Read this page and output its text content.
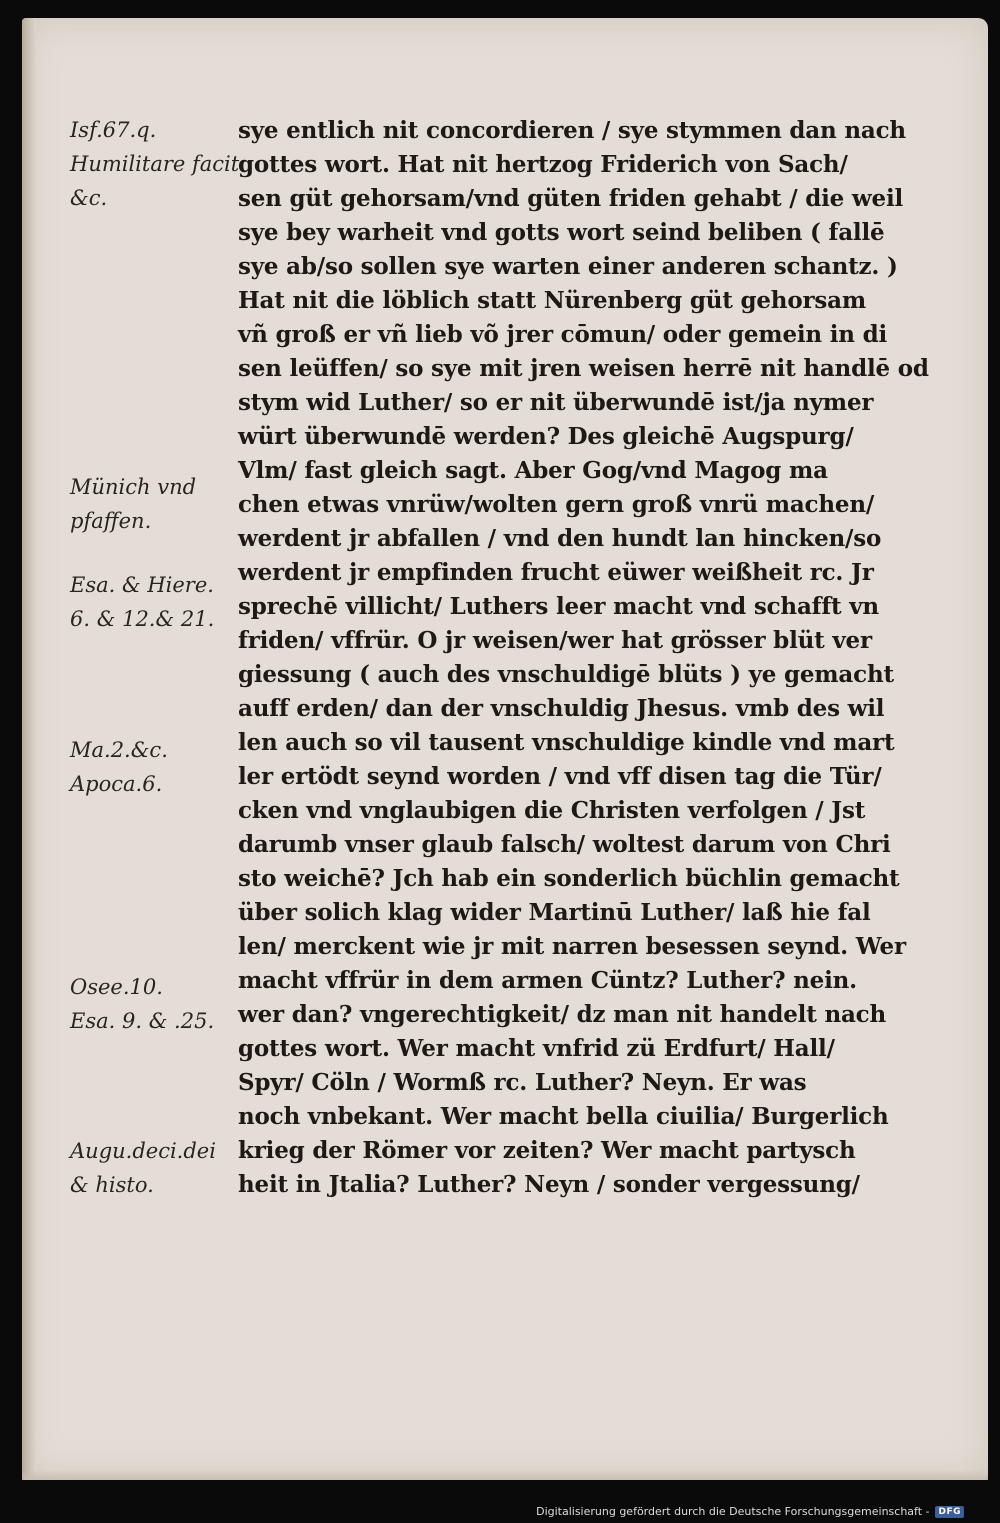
Isf.67.q.
Humilitare facit
&c.
Münich vnd
pfaffen.
Esa. & Hiere.
6. & 12.& 21.
Ma.2.&c.
Apoca.6.
Osee.10.
Esa. 9. & .25.
Augu.deci.dei
& histo.
sye entlich nit concordieren / sye stymmen dan nach
gottes wort. Hat nit hertzog Friderich von Sach/
sen güt gehorsam/vnd güten friden gehabt / die weil
sye bey warheit vnd gotts wort seind beliben ( fallē
sye ab/so sollen sye warten einer anderen schantz. )
Hat nit die löblich statt Nürenberg güt gehorsam
vñ groß er vñ lieb võ jrer cōmun/ oder gemein in di
sen leüffen/ so sye mit jren weisen herrē nit handlē od
stym wid Luther/ so er nit überwundē ist/ja nymer
würt überwundē werden? Des gleichē Augspurg/
Vlm/ fast gleich sagt. Aber Gog/vnd Magog ma
chen etwas vnrüw/wolten gern groß vnrü machen/
werdent jr abfallen / vnd den hundt lan hincken/so
werdent jr empfinden frucht eüwer weißheit rc. Jr
sprechē villicht/ Luthers leer macht vnd schafft vn
friden/ vffrür. O jr weisen/wer hat grösser blüt ver
giessung ( auch des vnschuldigē blüts ) ye gemacht
auff erden/ dan der vnschuldig Jhesus. vmb des wil
len auch so vil tausent vnschuldige kindle vnd mart
ler ertödt seynd worden / vnd vff disen tag die Tür/
cken vnd vnglaubigen die Christen verfolgen / Jst
darumb vnser glaub falsch/ woltest darum von Chri
sto weichē? Jch hab ein sonderlich büchlin gemacht
über solich klag wider Martinū Luther/ laß hie fal
len/ merckent wie jr mit narren besessen seynd. Wer
macht vffrür in dem armen Cüntz? Luther? nein.
wer dan? vngerechtigkeit/ dz man nit handelt nach
gottes wort. Wer macht vnfrid zü Erdfurt/ Hall/
Spyr/ Cöln / Wormß rc. Luther? Neyn. Er was
noch vnbekant. Wer macht bella ciuilia/ Burgerlich
krieg der Römer vor zeiten? Wer macht partysch
heit in Jtalia? Luther? Neyn / sonder vergessung/
Digitalisierung gefördert durch die Deutsche Forschungsgemeinschaft -	DFG
